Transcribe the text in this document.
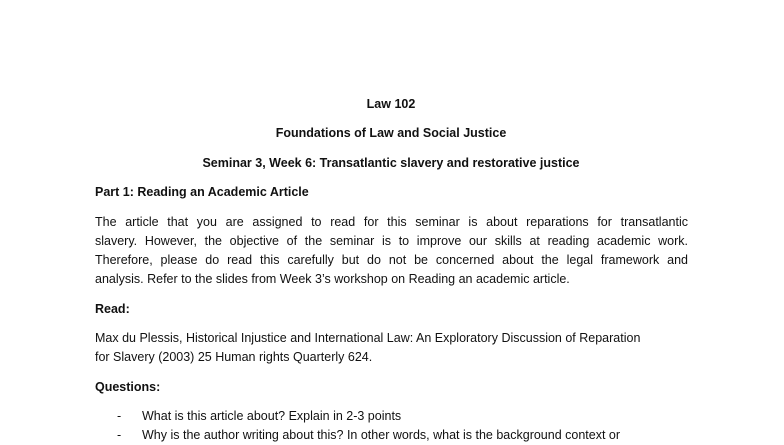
Law 102
Foundations of Law and Social Justice
Seminar 3, Week 6: Transatlantic slavery and restorative justice
Part 1: Reading an Academic Article
The article that you are assigned to read for this seminar is about reparations for transatlantic
slavery. However, the objective of the seminar is to improve our skills at reading academic work.
Therefore, please do read this carefully but do not be concerned about the legal framework and
analysis. Refer to the slides from Week 3’s workshop on Reading an academic article.
Read:
Max du Plessis, Historical Injustice and International Law: An Exploratory Discussion of Reparation
for Slavery (2003) 25 Human rights Quarterly 624.
Questions:
- What is this article about? Explain in 2-3 points
- Why is the author writing about this? In other words, what is the background context or
